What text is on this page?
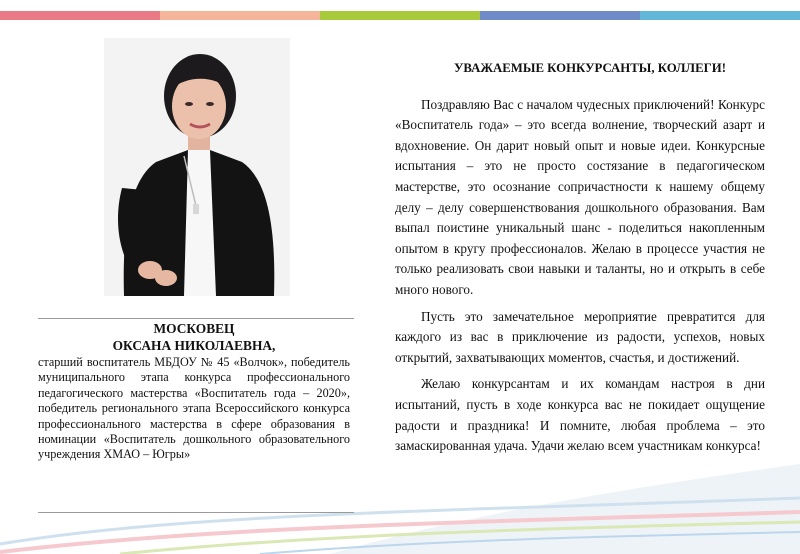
МОСКОВЕЦ
ОКСАНА НИКОЛАЕВНА,
старший воспитатель МБДОУ № 45 «Волчок», победитель муниципального этапа конкурса профессионального педагогического мастерства «Воспитатель года – 2020», победитель регионального этапа Всероссийского конкурса профессионального мастерства в сфере образования в номинации «Воспитатель дошкольного образовательного учреждения ХМАО – Югры»
УВАЖАЕМЫЕ КОНКУРСАНТЫ, КОЛЛЕГИ!

Поздравляю Вас с началом чудесных приключений! Конкурс «Воспитатель года» – это всегда волнение, творческий азарт и вдохновение. Он дарит новый опыт и новые идеи. Конкурсные испытания – это не просто состязание в педагогическом мастерстве, это осознание сопричастности к нашему общему делу – делу совершенствования дошкольного образования. Вам выпал поистине уникальный шанс - поделиться накопленным опытом в кругу профессионалов. Желаю в процессе участия не только реализовать свои навыки и таланты, но и открыть в себе много нового.

Пусть это замечательное мероприятие превратится для каждого из вас в приключение из радости, успехов, новых открытий, захватывающих моментов, счастья, и достижений.

Желаю конкурсантам и их командам настроя в дни испытаний, пусть в ходе конкурса вас не покидает ощущение радости и праздника! И помните, любая проблема – это замаскированная удача. Удачи желаю всем участникам конкурса!
